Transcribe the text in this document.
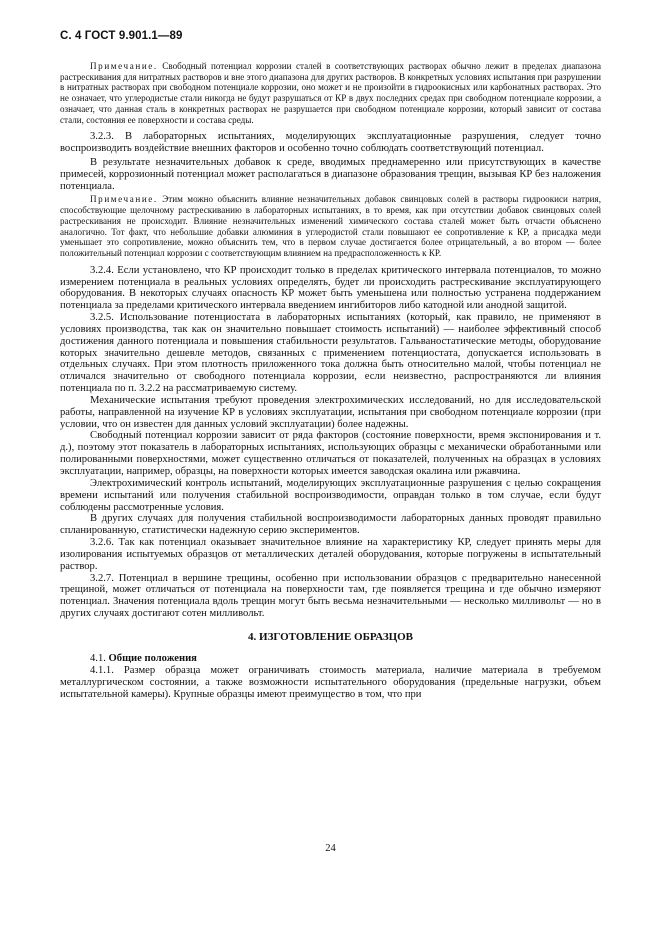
С. 4 ГОСТ 9.901.1—89

Примечание. Свободный потенциал коррозии сталей в соответствующих растворах обычно лежит в пределах диапазона растрескивания для нитратных растворов и вне этого диапазона для других растворов. В конкретных условиях испытания при разрушении в нитратных растворах при свободном потенциале коррозии, оно может и не произойти в гидроокисных или карбонатных растворах. Это не означает, что углеродистые стали никогда не будут разрушаться от КР в двух последних средах при свободном потенциале коррозии, а означает, что данная сталь в конкретных растворах не разрушается при свободном потенциале коррозии, который зависит от состава стали, состояния ее поверхности и состава среды.

3.2.3. В лабораторных испытаниях, моделирующих эксплуатационные разрушения, следует точно воспроизводить воздействие внешних факторов и особенно точно соблюдать соответствующий потенциал.

В результате незначительных добавок к среде, вводимых преднамеренно или присутствующих в качестве примесей, коррозионный потенциал может располагаться в диапазоне образования трещин, вызывая КР без наложения потенциала.

Примечание. Этим можно объяснить влияние незначительных добавок свинцовых солей в растворы гидроокиси натрия, способствующие щелочному растрескиванию в лабораторных испытаниях, в то время, как при отсутствии добавок свинцовых солей растрескивания не происходит. Влияние незначительных изменений химического состава сталей может быть отчасти объяснено аналогично. Тот факт, что небольшие добавки алюминия в углеродистой стали повышают ее сопротивление к КР, а присадка меди уменьшает это сопротивление, можно объяснить тем, что в первом случае достигается более отрицательный, а во втором — более положительный потенциал коррозии с соответствующим влиянием на предрасположенность к КР.

3.2.4. Если установлено, что КР происходит только в пределах критического интервала потенциалов, то можно измерением потенциала в реальных условиях определять, будет ли происходить растрескивание эксплуатирующего оборудования. В некоторых случаях опасность КР может быть уменьшена или полностью устранена поддержанием потенциала за пределами критического интервала введением ингибиторов либо катодной или анодной защитой.

3.2.5. Использование потенциостата в лабораторных испытаниях (который, как правило, не применяют в условиях производства, так как он значительно повышает стоимость испытаний) — наиболее эффективный способ достижения данного потенциала и повышения стабильности результатов. Гальваностатические методы, оборудование которых значительно дешевле методов, связанных с применением потенциостата, допускается использовать в отдельных случаях. При этом плотность приложенного тока должна быть относительно малой, чтобы потенциал не отличался значительно от свободного потенциала коррозии, если неизвестно, распространяются ли влияния потенциала по п. 3.2.2 на рассматриваемую систему.

Механические испытания требуют проведения электрохимических исследований, но для исследовательской работы, направленной на изучение КР в условиях эксплуатации, испытания при свободном потенциале коррозии (при условии, что он известен для данных условий эксплуатации) более надежны.

Свободный потенциал коррозии зависит от ряда факторов (состояние поверхности, время экспонирования и т. д.), поэтому этот показатель в лабораторных испытаниях, использующих образцы с механически обработанными или полированными поверхностями, может существенно отличаться от показателей, полученных на образцах в условиях эксплуатации, например, образцы, на поверхности которых имеется заводская окалина или ржавчина.

Электрохимический контроль испытаний, моделирующих эксплуатационные разрушения с целью сокращения времени испытаний или получения стабильной воспроизводимости, оправдан только в том случае, если будут соблюдены рассмотренные условия.

В других случаях для получения стабильной воспроизводимости лабораторных данных проводят правильно спланированную, статистически надежную серию экспериментов.

3.2.6. Так как потенциал оказывает значительное влияние на характеристику КР, следует принять меры для изолирования испытуемых образцов от металлических деталей оборудования, которые погружены в испытательный раствор.

3.2.7. Потенциал в вершине трещины, особенно при использовании образцов с предварительно нанесенной трещиной, может отличаться от потенциала на поверхности там, где появляется трещина и где обычно измеряют потенциал. Значения потенциала вдоль трещин могут быть весьма незначительными — несколько милливольт — но в других случаях достигают сотен милливольт.

4. ИЗГОТОВЛЕНИЕ ОБРАЗЦОВ

4.1. Общие положения

4.1.1. Размер образца может ограничивать стоимость материала, наличие материала в требуемом металлургическом состоянии, а также возможности испытательного оборудования (предельные нагрузки, объем испытательной камеры). Крупные образцы имеют преимущество в том, что при

24
